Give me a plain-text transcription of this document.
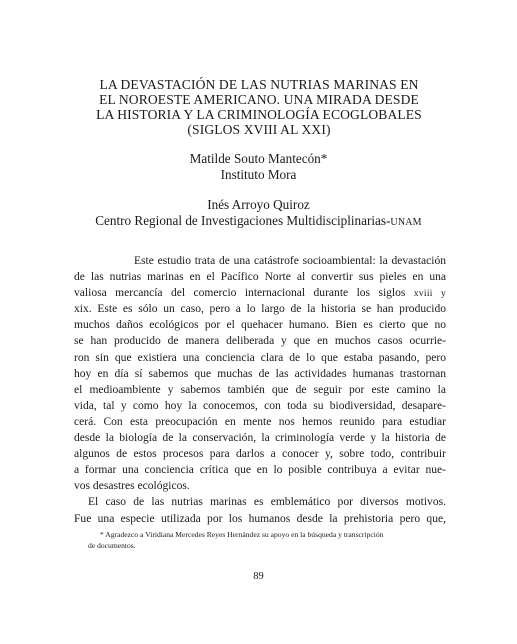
LA DEVASTACIÓN DE LAS NUTRIAS MARINAS EN
EL NOROESTE AMERICANO. UNA MIRADA DESDE
LA HISTORIA Y LA CRIMINOLOGÍA ECOGLOBALES
(SIGLOS XVIII AL XXI)
Matilde Souto Mantecón*
Instituto Mora
Inés Arroyo Quiroz
Centro Regional de Investigaciones Multidisciplinarias-UNAM
Este estudio trata de una catástrofe socioambiental: la devastación
de las nutrias marinas en el Pacífico Norte al convertir sus pieles en una
valiosa mercancía del comercio internacional durante los siglos xviii y
xix. Este es sólo un caso, pero a lo largo de la historia se han producido
muchos daños ecológicos por el quehacer humano. Bien es cierto que no
se han producido de manera deliberada y que en muchos casos ocurrie-
ron sin que existiera una conciencia clara de lo que estaba pasando, pero
hoy en día sí sabemos que muchas de las actividades humanas trastornan
el medioambiente y sabemos también que de seguir por este camino la
vida, tal y como hoy la conocemos, con toda su biodiversidad, desapare-
cerá. Con esta preocupación en mente nos hemos reunido para estudiar
desde la biología de la conservación, la criminología verde y la historia de
algunos de estos procesos para darlos a conocer y, sobre todo, contribuir
a formar una conciencia crítica que en lo posible contribuya a evitar nue-
vos desastres ecológicos.
El caso de las nutrias marinas es emblemático por diversos motivos.
Fue una especie utilizada por los humanos desde la prehistoria pero que,
* Agradezco a Viridiana Mercedes Reyes Hernández su apoyo en la búsqueda y transcripción
de documentos.
89
